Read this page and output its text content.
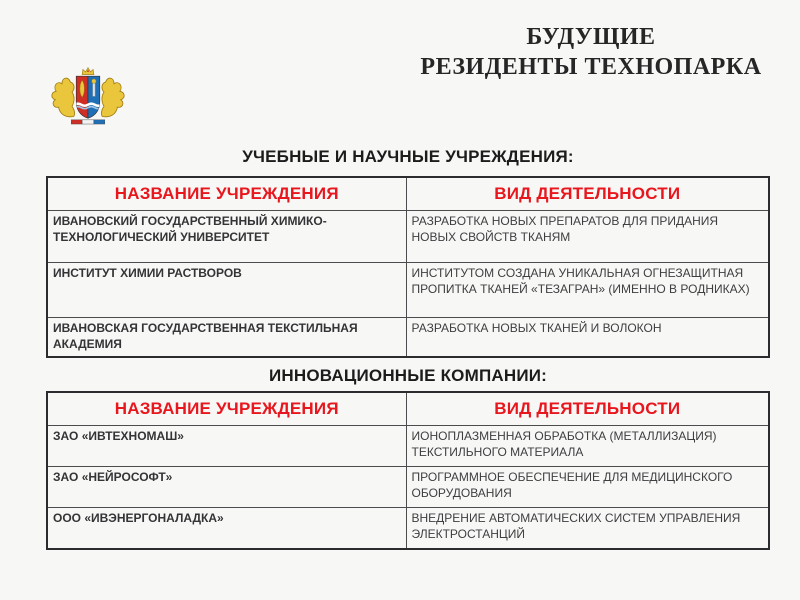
БУДУЩИЕ
РЕЗИДЕНТЫ ТЕХНОПАРКА
УЧЕБНЫЕ И НАУЧНЫЕ УЧРЕЖДЕНИЯ:
НАЗВАНИЕ УЧРЕЖДЕНИЯ	ВИД ДЕЯТЕЛЬНОСТИ
ИВАНОВСКИЙ ГОСУДАРСТВЕННЫЙ ХИМИКО-ТЕХНОЛОГИЧЕСКИЙ УНИВЕРСИТЕТ	РАЗРАБОТКА НОВЫХ ПРЕПАРАТОВ ДЛЯ ПРИДАНИЯ НОВЫХ СВОЙСТВ ТКАНЯМ
ИНСТИТУТ ХИМИИ РАСТВОРОВ	ИНСТИТУТОМ СОЗДАНА УНИКАЛЬНАЯ ОГНЕЗАЩИТНАЯ ПРОПИТКА ТКАНЕЙ «ТЕЗАГРАН» (ИМЕННО В РОДНИКАХ)
ИВАНОВСКАЯ ГОСУДАРСТВЕННАЯ ТЕКСТИЛЬНАЯ АКАДЕМИЯ	РАЗРАБОТКА НОВЫХ ТКАНЕЙ И ВОЛОКОН
ИННОВАЦИОННЫЕ КОМПАНИИ:
НАЗВАНИЕ УЧРЕЖДЕНИЯ	ВИД ДЕЯТЕЛЬНОСТИ
ЗАО «ИВТЕХНОМАШ»	ИОНОПЛАЗМЕННАЯ ОБРАБОТКА (МЕТАЛЛИЗАЦИЯ) ТЕКСТИЛЬНОГО МАТЕРИАЛА
ЗАО «НЕЙРОСОФТ»	ПРОГРАММНОЕ ОБЕСПЕЧЕНИЕ ДЛЯ МЕДИЦИНСКОГО ОБОРУДОВАНИЯ
ООО «ИВЭНЕРГОНАЛАДКА»	ВНЕДРЕНИЕ АВТОМАТИЧЕСКИХ СИСТЕМ УПРАВЛЕНИЯ ЭЛЕКТРОСТАНЦИЙ
